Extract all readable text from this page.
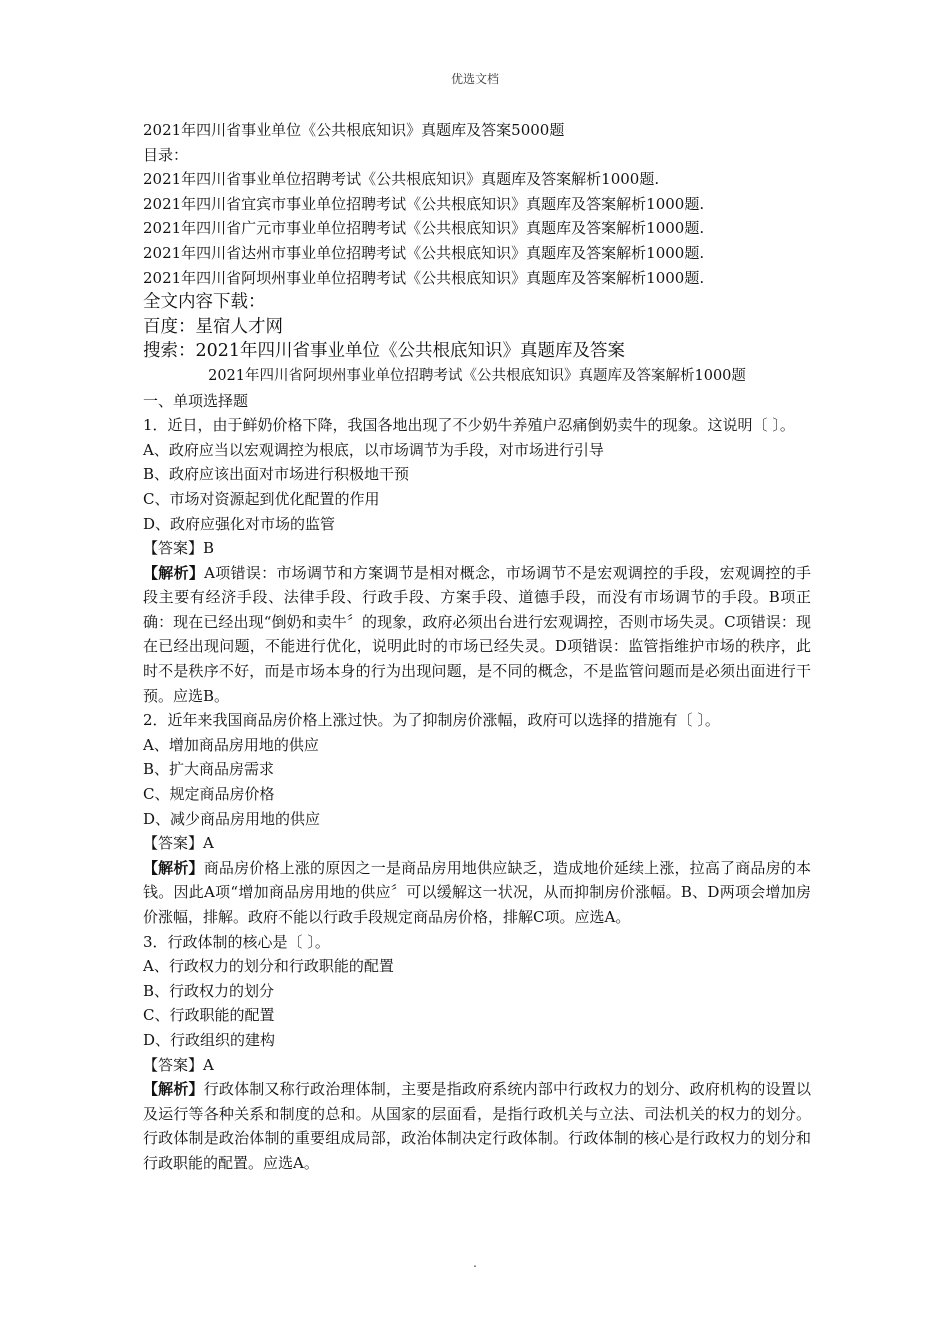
优选文档
2021年四川省事业单位《公共根底知识》真题库及答案5000题
目录：
2021年四川省事业单位招聘考试《公共根底知识》真题库及答案解析1000题.
2021年四川省宜宾市事业单位招聘考试《公共根底知识》真题库及答案解析1000题.
2021年四川省广元市事业单位招聘考试《公共根底知识》真题库及答案解析1000题.
2021年四川省达州市事业单位招聘考试《公共根底知识》真题库及答案解析1000题.
2021年四川省阿坝州事业单位招聘考试《公共根底知识》真题库及答案解析1000题.
全文内容下载：
百度：星宿人才网
搜索：2021年四川省事业单位《公共根底知识》真题库及答案
2021年四川省阿坝州事业单位招聘考试《公共根底知识》真题库及答案解析1000题
一、单项选择题
1．近日，由于鲜奶价格下降，我国各地出现了不少奶牛养殖户忍痛倒奶卖牛的现象。这说明〔 〕。
A、政府应当以宏观调控为根底，以市场调节为手段，对市场进行引导
B、政府应该出面对市场进行积极地干预
C、市场对资源起到优化配置的作用
D、政府应强化对市场的监管
【答案】B
【解析】A项错误：市场调节和方案调节是相对概念，市场调节不是宏观调控的手段，宏观调控的手段主要有经济手段、法律手段、行政手段、方案手段、道德手段，而没有市场调节的手段。B项正确：现在已经出现“倒奶和卖牛〞的现象，政府必须出台进行宏观调控，否则市场失灵。C项错误：现在已经出现问题，不能进行优化，说明此时的市场已经失灵。D项错误：监管指维护市场的秩序，此时不是秩序不好，而是市场本身的行为出现问题，是不同的概念，不是监管问题而是必须出面进行干预。应选B。
2．近年来我国商品房价格上涨过快。为了抑制房价涨幅，政府可以选择的措施有〔 〕。
A、增加商品房用地的供应
B、扩大商品房需求
C、规定商品房价格
D、减少商品房用地的供应
【答案】A
【解析】商品房价格上涨的原因之一是商品房用地供应缺乏，造成地价延续上涨，拉高了商品房的本钱。因此A项“增加商品房用地的供应〞可以缓解这一状况，从而抑制房价涨幅。B、D两项会增加房价涨幅，排解。政府不能以行政手段规定商品房价格，排解C项。应选A。
3．行政体制的核心是〔 〕。
A、行政权力的划分和行政职能的配置
B、行政权力的划分
C、行政职能的配置
D、行政组织的建构
【答案】A
【解析】行政体制又称行政治理体制，主要是指政府系统内部中行政权力的划分、政府机构的设置以及运行等各种关系和制度的总和。从国家的层面看，是指行政机关与立法、司法机关的权力的划分。行政体制是政治体制的重要组成局部，政治体制决定行政体制。行政体制的核心是行政权力的划分和行政职能的配置。应选A。
.
